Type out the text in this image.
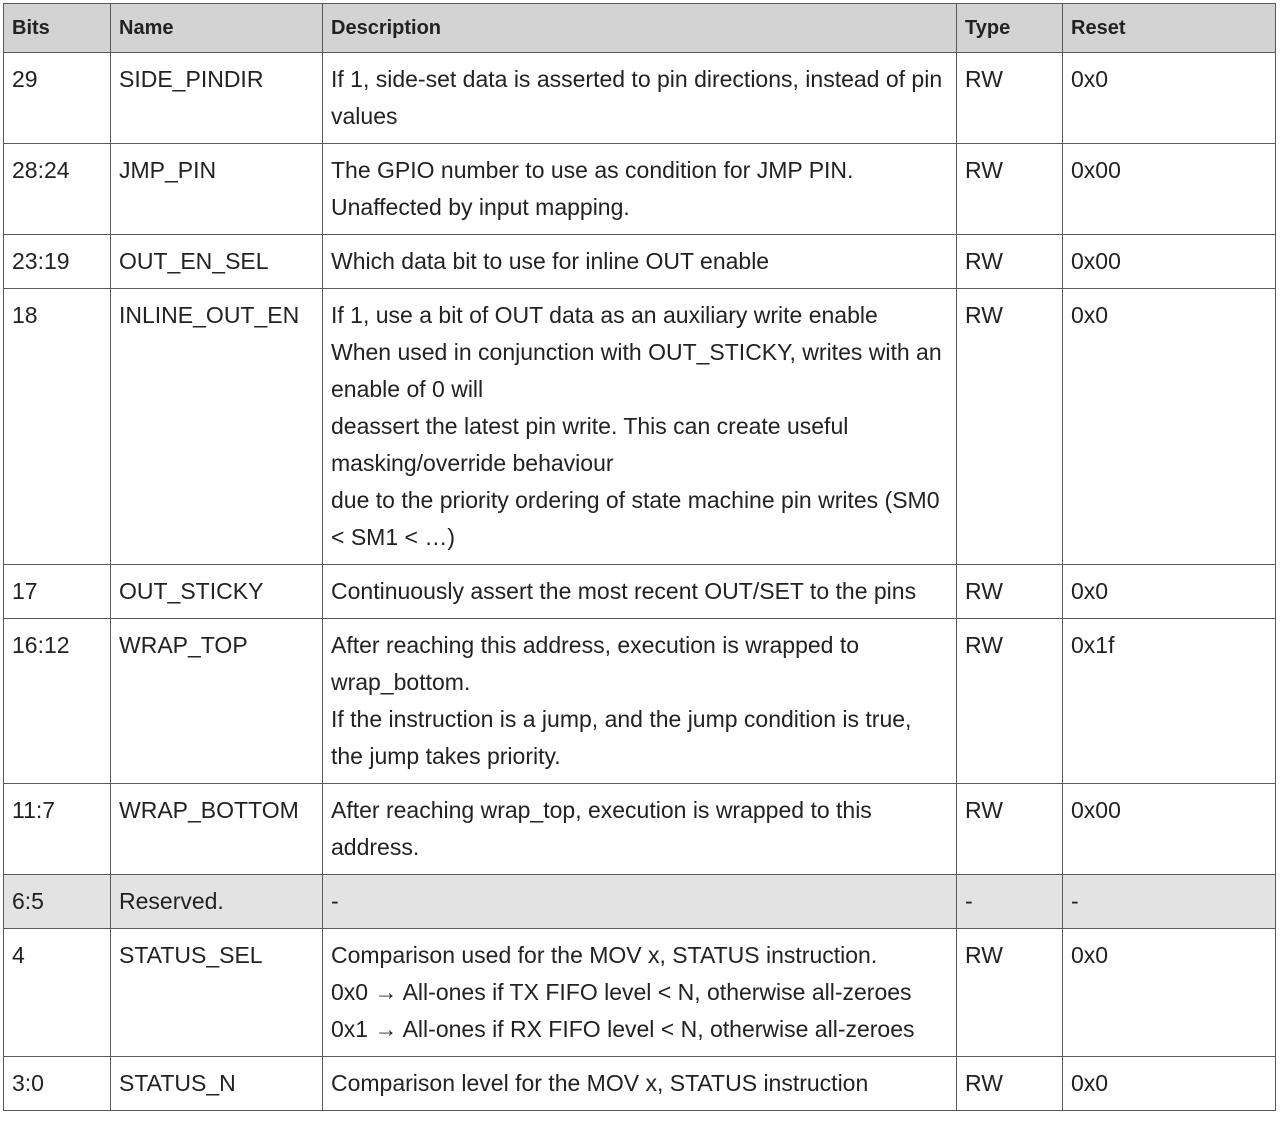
Bits	Name	Description	Type	Reset
29	SIDE_PINDIR	If 1, side-set data is asserted to pin directions, instead of pin values	RW	0x0
28:24	JMP_PIN	The GPIO number to use as condition for JMP PIN.
Unaffected by input mapping.	RW	0x00
23:19	OUT_EN_SEL	Which data bit to use for inline OUT enable	RW	0x00
18	INLINE_OUT_EN	If 1, use a bit of OUT data as an auxiliary write enable
When used in conjunction with OUT_STICKY, writes with an enable of 0 will
deassert the latest pin write. This can create useful masking/override behaviour
due to the priority ordering of state machine pin writes (SM0 < SM1 < …)	RW	0x0
17	OUT_STICKY	Continuously assert the most recent OUT/SET to the pins	RW	0x0
16:12	WRAP_TOP	After reaching this address, execution is wrapped to wrap_bottom.
If the instruction is a jump, and the jump condition is true, the jump takes priority.	RW	0x1f
11:7	WRAP_BOTTOM	After reaching wrap_top, execution is wrapped to this address.	RW	0x00
6:5	Reserved.	-	-	-
4	STATUS_SEL	Comparison used for the MOV x, STATUS instruction.
0x0 → All-ones if TX FIFO level < N, otherwise all-zeroes
0x1 → All-ones if RX FIFO level < N, otherwise all-zeroes	RW	0x0
3:0	STATUS_N	Comparison level for the MOV x, STATUS instruction	RW	0x0
